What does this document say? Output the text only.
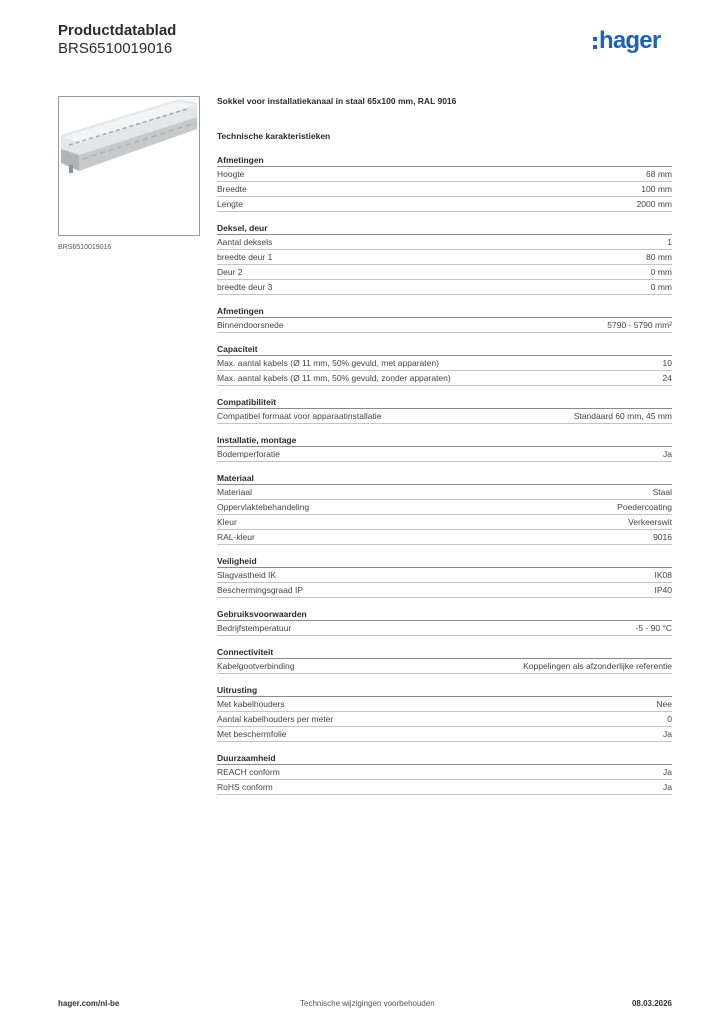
Productdatablad
BRS6510019016	hager
BRS6510019016
Sokkel voor installatiekanaal in staal 65x100 mm, RAL 9016
Technische karakteristieken
Afmetingen
Hoogte	68 mm
Breedte	100 mm
Lengte	2000 mm
Deksel, deur
Aantal deksels	1
breedte deur 1	80 mm
Deur 2	0 mm
breedte deur 3	0 mm
Afmetingen
Binnendoorsnede	5790 - 5790 mm²
Capaciteit
Max. aantal kabels (Ø 11 mm, 50% gevuld, met apparaten)	10
Max. aantal kabels (Ø 11 mm, 50% gevuld, zonder apparaten)	24
Compatibiliteit
Compatibel formaat voor apparaatinstallatie	Standaard 60 mm, 45 mm
Installatie, montage
Bodemperforatie	Ja
Materiaal
Materiaal	Staal
Oppervlaktebehandeling	Poedercoating
Kleur	Verkeerswit
RAL-kleur	9016
Veiligheid
Slagvastheid IK	IK08
Beschermingsgraad IP	IP40
Gebruiksvoorwaarden
Bedrijfstemperatuur	-5 - 90 °C
Connectiviteit
Kabelgootverbinding	Koppelingen als afzonderlijke referentie
Uitrusting
Met kabelhouders	Nee
Aantal kabelhouders per meter	0
Met beschermfolie	Ja
Duurzaamheid
REACH conform	Ja
RoHS conform	Ja
hager.com/nl-be	Technische wijzigingen voorbehouden	08.03.2026
